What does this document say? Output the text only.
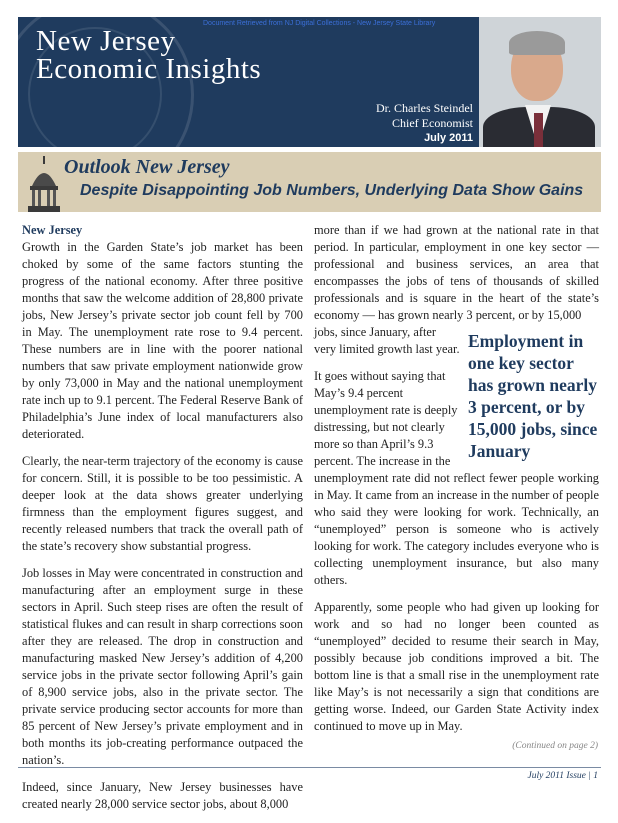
Document Retrieved from NJ Digital Collections - New Jersey State Library
New Jersey
Economic Insights
Dr. Charles Steindel
Chief Economist
July 2011
Outlook New Jersey
Despite Disappointing Job Numbers, Underlying Data Show Gains

New Jersey
Growth in the Garden State’s job market has been choked by some of the same factors stunting the progress of the national economy. After three positive months that saw the welcome addition of 28,800 private jobs, New Jersey’s private sector job count fell by 700 in May. The unemployment rate rose to 9.4 percent. These numbers are in line with the poorer national numbers that saw private employment nationwide grow by only 73,000 in May and the national unemployment rate inch up to 9.1 percent. The Federal Reserve Bank of Philadelphia’s June index of local manufacturers also deteriorated.

Clearly, the near-term trajectory of the economy is cause for concern. Still, it is possible to be too pessimistic. A deeper look at the data shows greater underlying firmness than the employment figures suggest, and recently released numbers that track the overall path of the state’s recovery show substantial progress.

Job losses in May were concentrated in construction and manufacturing after an employment surge in these sectors in April. Such steep rises are often the result of statistical flukes and can result in sharp corrections soon after they are released. The drop in construction and manufacturing masked New Jersey’s addition of 4,200 service jobs in the private sector following April’s gain of 8,900 service jobs, also in the private sector. The private service producing sector accounts for more than 85 percent of New Jersey’s private employment and in both months its job-creating performance outpaced the nation’s.

Indeed, since January, New Jersey businesses have created nearly 28,000 service sector jobs, about 8,000

more than if we had grown at the national rate in that period. In particular, employment in one key sector — professional and business services, an area that encompasses the jobs of tens of thousands of skilled professionals and is square in the heart of the state’s economy — has grown nearly 3 percent, or by 15,000

jobs, since January, after very limited growth last year.

It goes without saying that May’s 9.4 percent unemployment rate is deeply distressing, but not clearly more so than April’s 9.3 percent. The increase in the

unemployment rate did not reflect fewer people working in May. It came from an increase in the number of people who said they were looking for work. Technically, an “unemployed” person is someone who is actively looking for work. The category includes everyone who is collecting unemployment insurance, but also many others.

Apparently, some people who had given up looking for work and so had no longer been counted as “unemployed” decided to resume their search in May, possibly because job conditions improved a bit. The bottom line is that a small rise in the unemployment rate like May’s is not necessarily a sign that conditions are getting worse. Indeed, our Garden State Activity index continued to move up in May.

Employment in one key sector has grown nearly 3 percent, or by 15,000 jobs, since January
(Continued on page 2)
July 2011 Issue | 1
